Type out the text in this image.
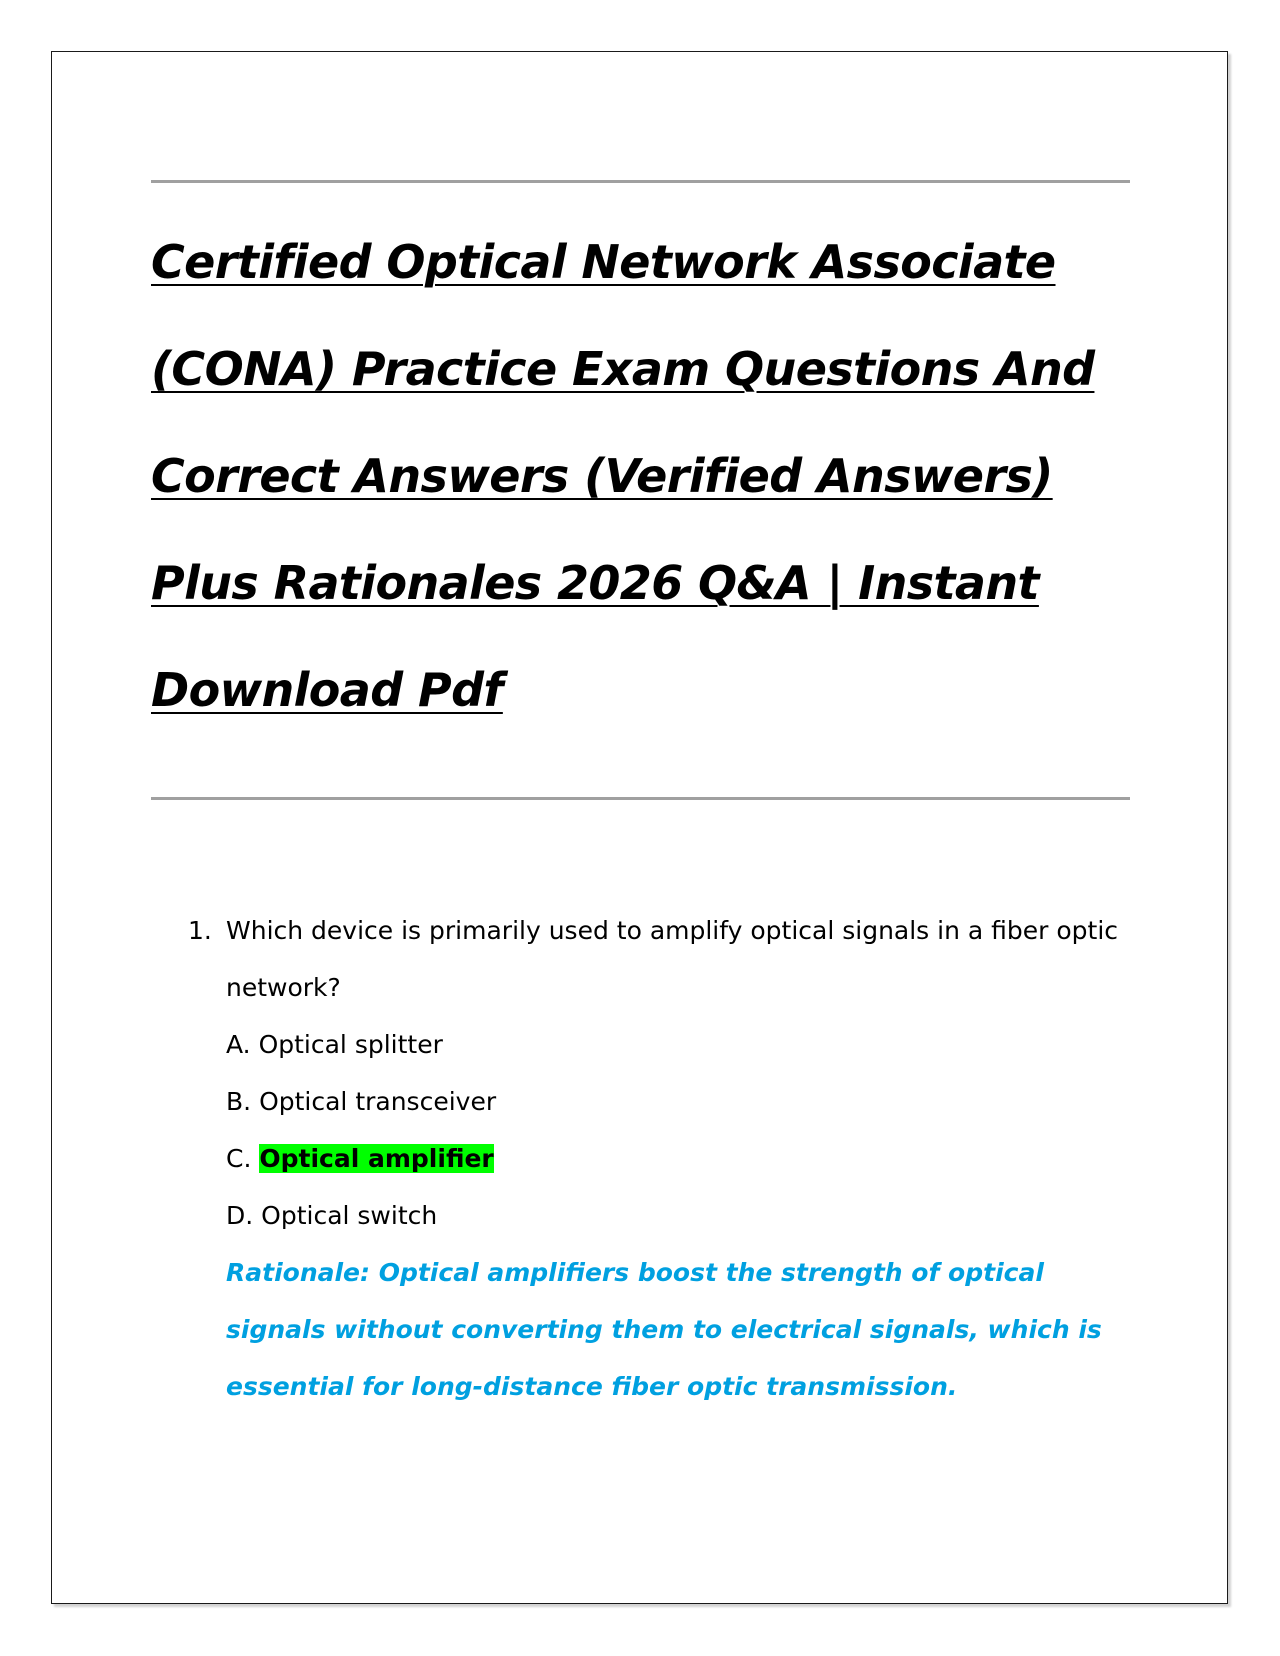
Certified Optical Network Associate (CONA) Practice Exam Questions And Correct Answers (Verified Answers) Plus Rationales 2026 Q&A | Instant Download Pdf
1. Which device is primarily used to amplify optical signals in a fiber optic network?
A. Optical splitter
B. Optical transceiver
C. Optical amplifier
D. Optical switch
Rationale: Optical amplifiers boost the strength of optical signals without converting them to electrical signals, which is essential for long-distance fiber optic transmission.
